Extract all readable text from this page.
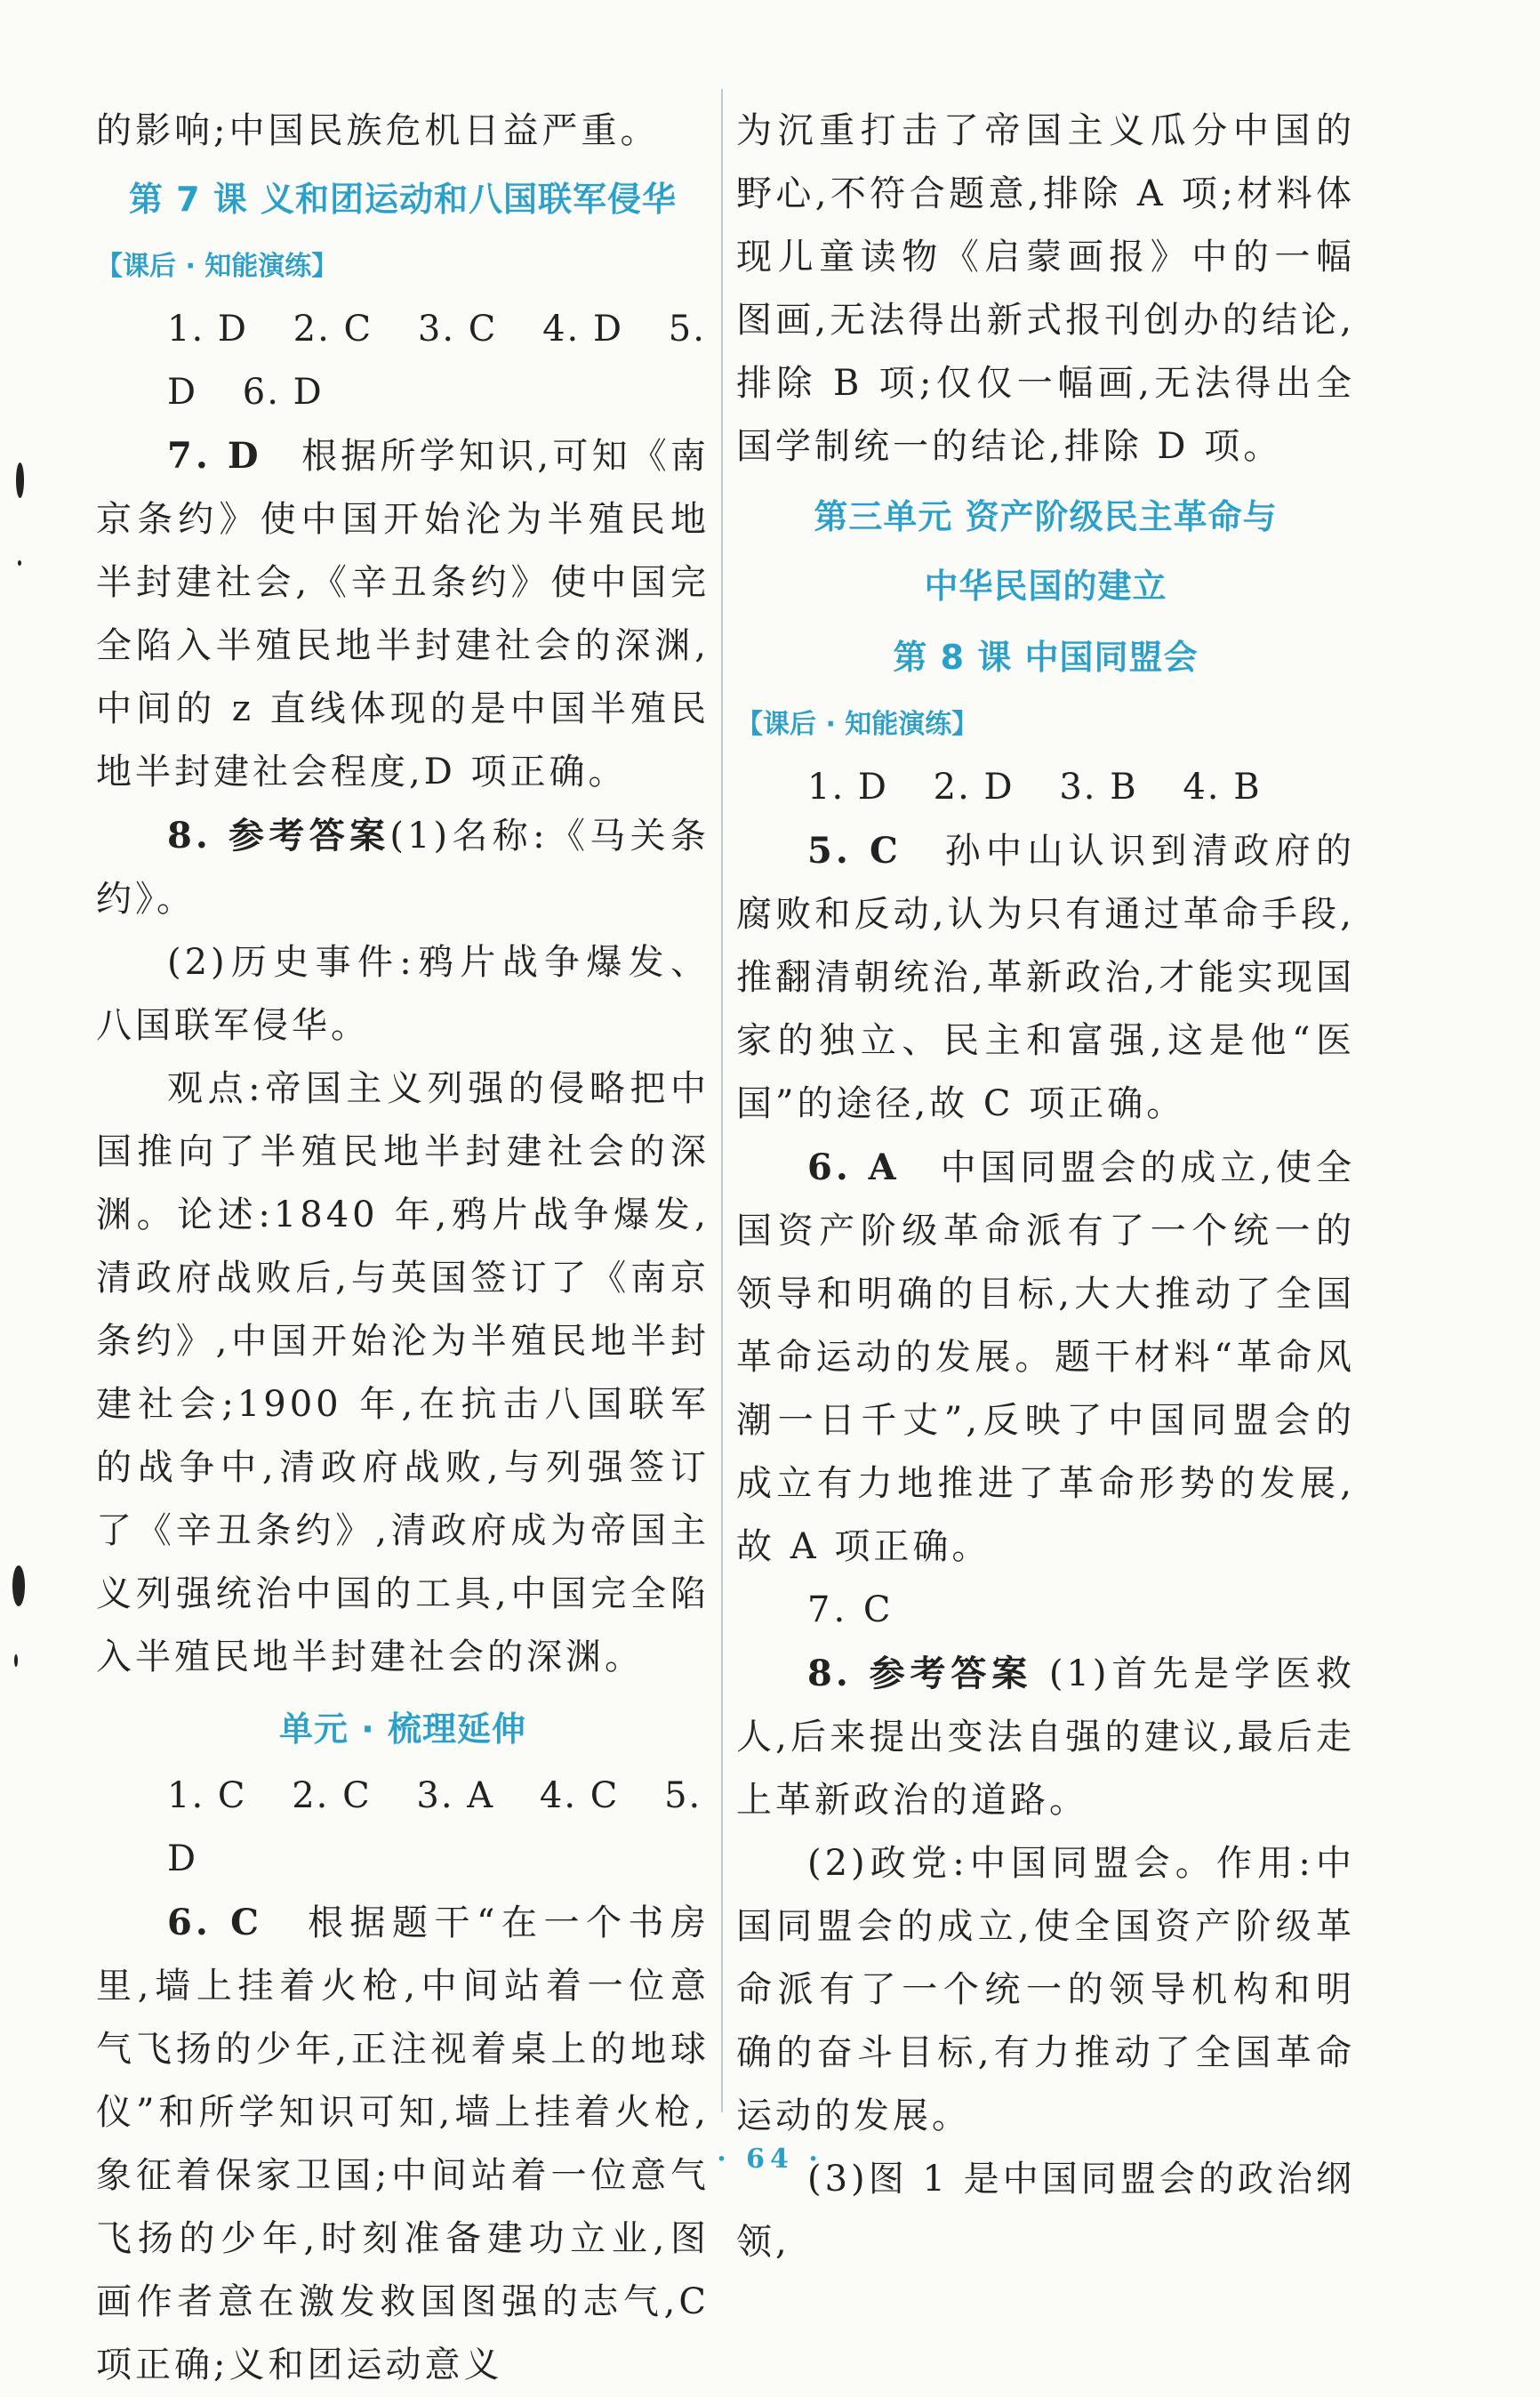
的影响;中国民族危机日益严重。

第 7 课 义和团运动和八国联军侵华
【课后 · 知能演练】
1. D 2. C 3. C 4. D 5. D 6. D

7. D　 根据所学知识,可知《南京条约》使中国开始沦为半殖民地半封建社会,《辛丑条约》使中国完全陷入半殖民地半封建社会的深渊,中间的 z 直线体现的是中国半殖民地半封建社会程度,D 项正确。

8. 参考答案(1)名称:《马关条约》。

(2)历史事件:鸦片战争爆发、八国联军侵华。

观点:帝国主义列强的侵略把中国推向了半殖民地半封建社会的深渊。论述:1840 年,鸦片战争爆发,清政府战败后,与英国签订了《南京条约》,中国开始沦为半殖民地半封建社会;1900 年,在抗击八国联军的战争中,清政府战败,与列强签订了《辛丑条约》,清政府成为帝国主义列强统治中国的工具,中国完全陷入半殖民地半封建社会的深渊。

单元 · 梳理延伸
1. C 2. C 3. A 4. C 5. D

6. C　 根据题干“在一个书房里,墙上挂着火枪,中间站着一位意气飞扬的少年,正注视着桌上的地球仪”和所学知识可知,墙上挂着火枪,象征着保家卫国;中间站着一位意气飞扬的少年,时刻准备建功立业,图画作者意在激发救国图强的志气,C 项正确;义和团运动意义

为沉重打击了帝国主义瓜分中国的野心,不符合题意,排除 A 项;材料体现儿童读物《启蒙画报》中的一幅图画,无法得出新式报刊创办的结论,排除 B 项;仅仅一幅画,无法得出全国学制统一的结论,排除 D 项。

第三单元 资产阶级民主革命与
中华民国的建立
第 8 课 中国同盟会
【课后 · 知能演练】
1. D 2. D 3. B 4. B

5. C　 孙中山认识到清政府的腐败和反动,认为只有通过革命手段,推翻清朝统治,革新政治,才能实现国家的独立、民主和富强,这是他“医国”的途径,故 C 项正确。

6. A　 中国同盟会的成立,使全国资产阶级革命派有了一个统一的领导和明确的目标,大大推动了全国革命运动的发展。题干材料“革命风潮一日千丈”,反映了中国同盟会的成立有力地推进了革命形势的发展,故 A 项正确。

7. C

8. 参考答案 (1)首先是学医救人,后来提出变法自强的建议,最后走上革新政治的道路。

(2)政党:中国同盟会。作用:中国同盟会的成立,使全国资产阶级革命派有了一个统一的领导机构和明确的奋斗目标,有力推动了全国革命运动的发展。

(3)图 1 是中国同盟会的政治纲领,

· 64 ·
